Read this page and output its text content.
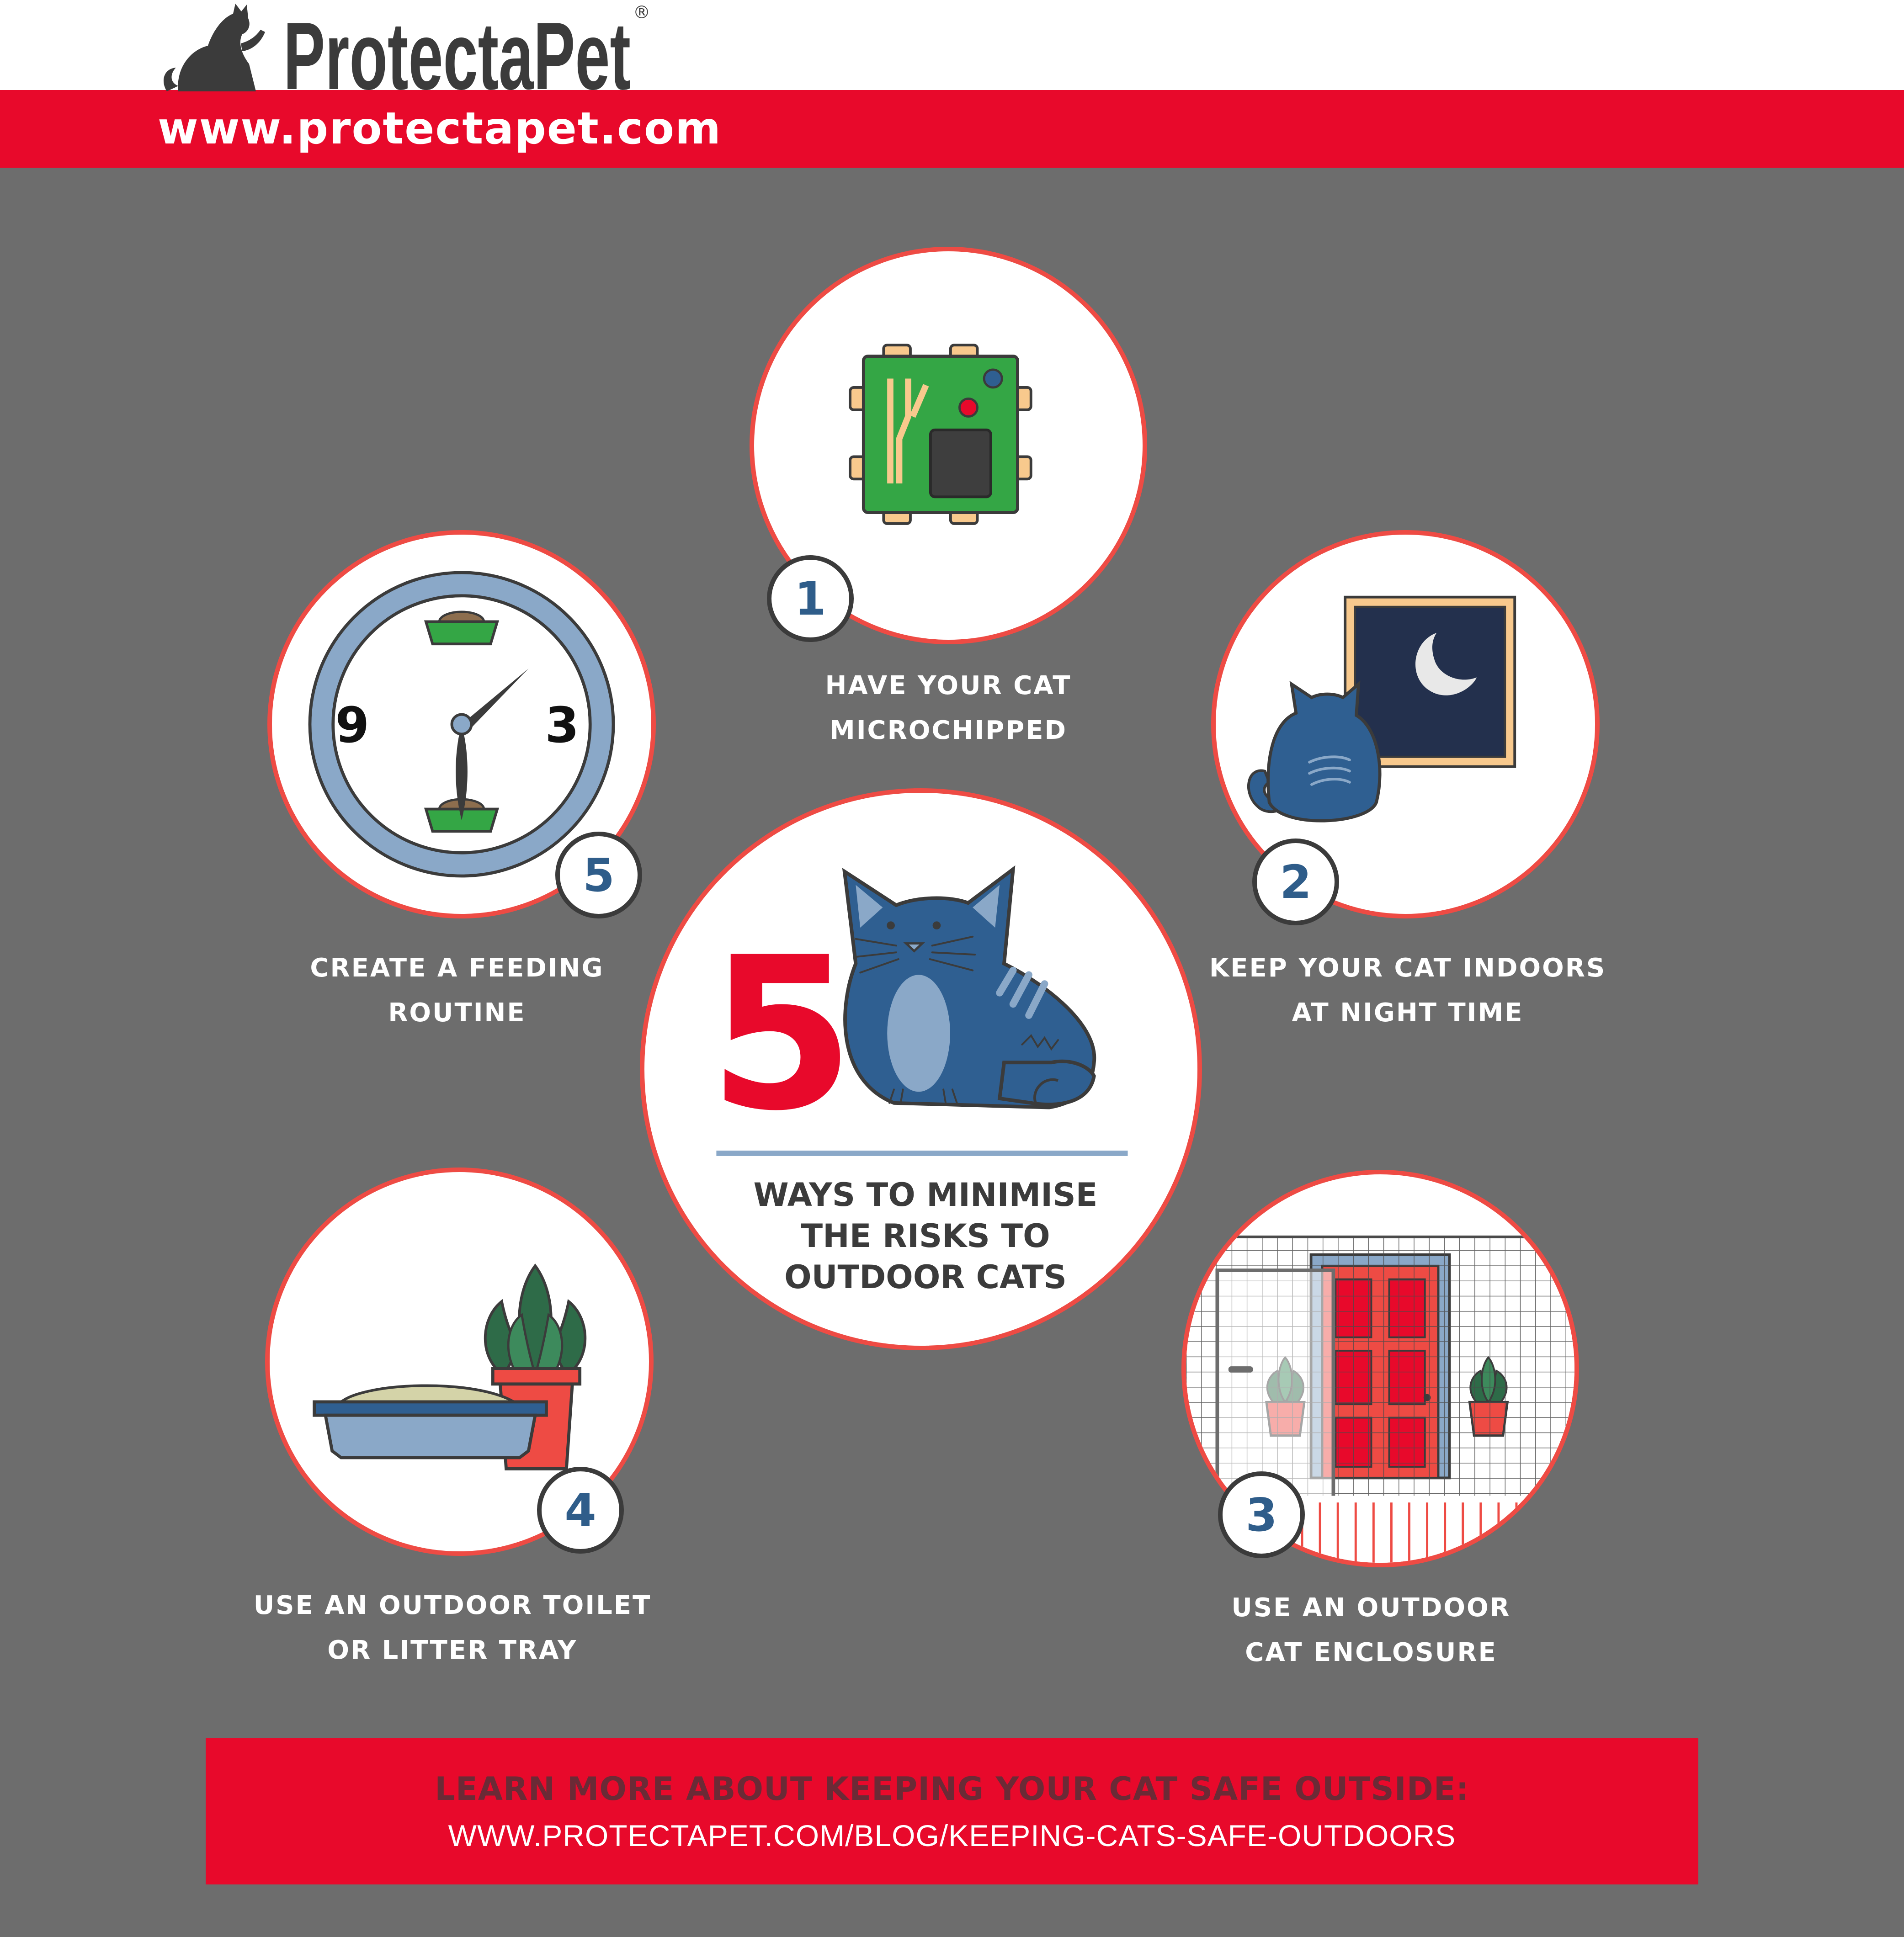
ProtectaPet ®
www.protectapet.com
1
HAVE YOUR CAT
MICROCHIPPED
2
KEEP YOUR CAT INDOORS
AT NIGHT TIME
9	3
5
CREATE A FEEDING
ROUTINE 5
WAYS TO MINIMISE THE RISKS TO OUTDOOR CATS
4
USE AN OUTDOOR TOILET
OR LITTER TRAY
3
USE AN OUTDOOR
CAT ENCLOSURE
LEARN MORE ABOUT KEEPING YOUR CAT SAFE OUTSIDE:
WWW.PROTECTAPET.COM/BLOG/KEEPING-CATS-SAFE-OUTDOORS
